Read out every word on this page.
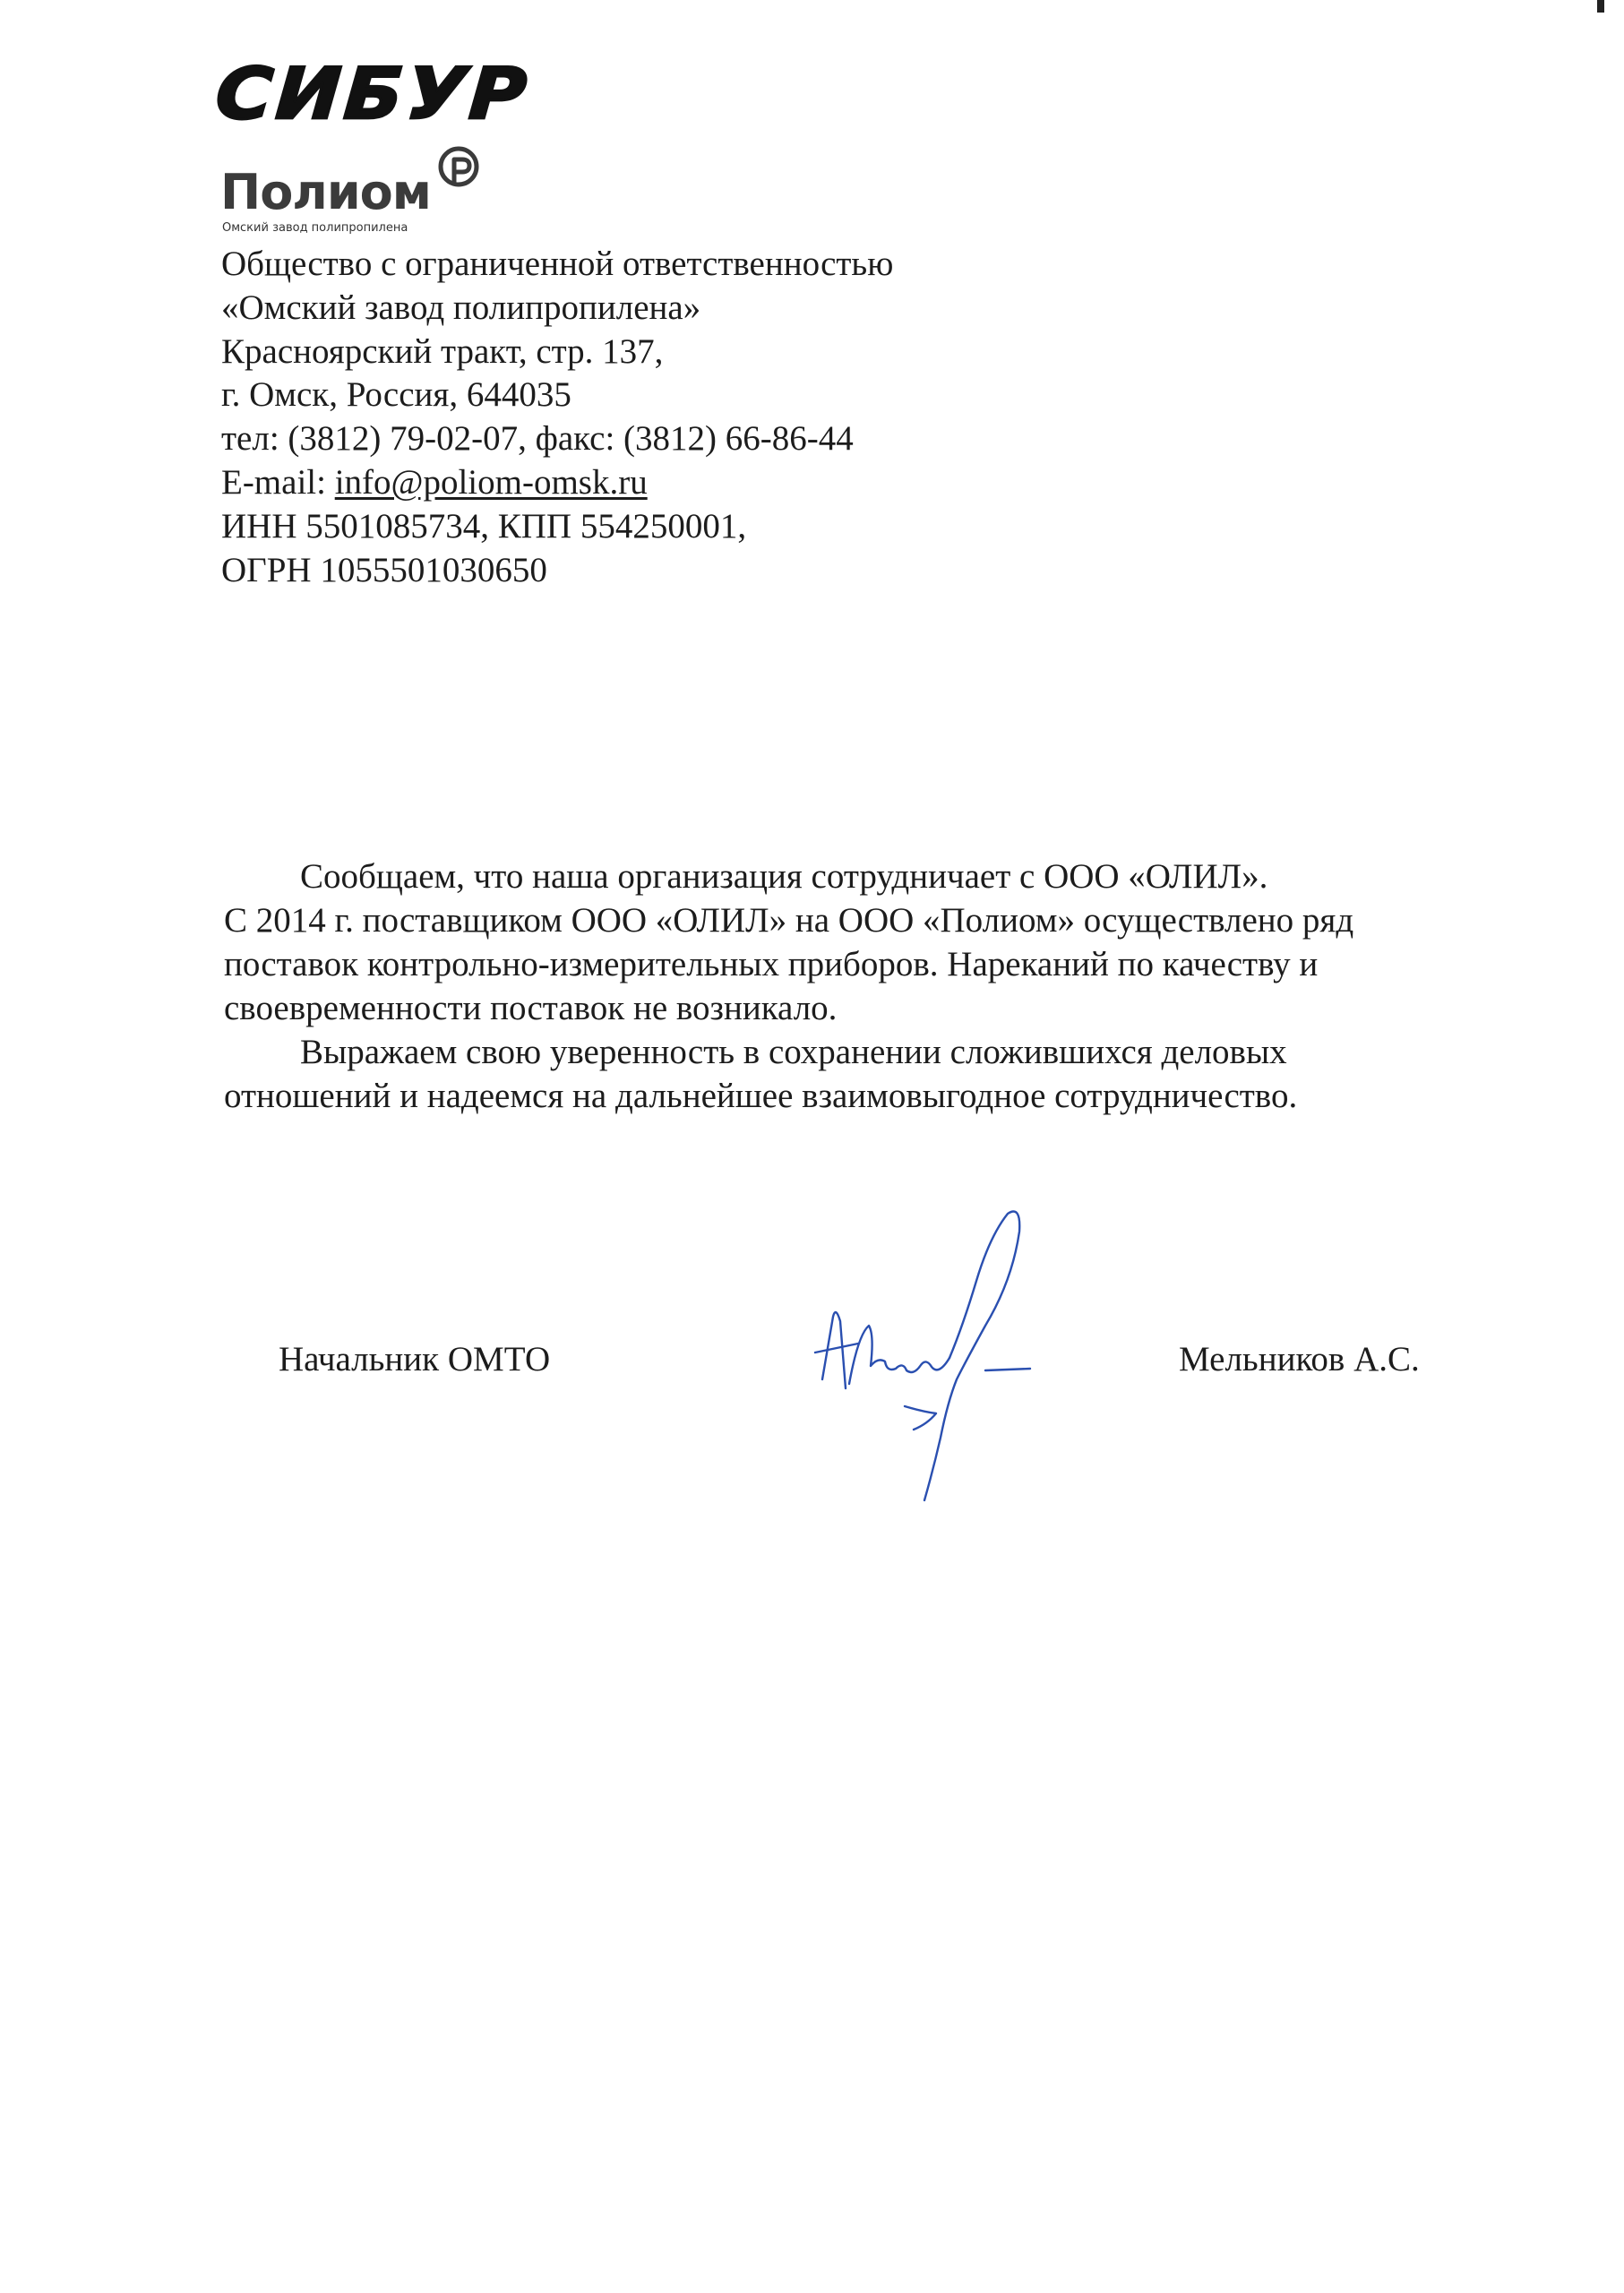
СИБУР
Полиом
Омский завод полипропилена
Общество с ограниченной ответственностью
«Омский завод полипропилена»
Красноярский тракт, стр. 137,
г. Омск, Россия, 644035
тел: (3812) 79-02-07, факс: (3812) 66-86-44
E-mail: info@poliom-omsk.ru
ИНН 5501085734, КПП 554250001,
ОГРН 1055501030650
Сообщаем, что наша организация сотрудничает с ООО «ОЛИЛ».
С 2014 г. поставщиком ООО «ОЛИЛ» на ООО «Полиом» осуществлено ряд
поставок контрольно-измерительных приборов. Нареканий по качеству и
своевременности поставок не возникало.
Выражаем свою уверенность в сохранении сложившихся деловых
отношений и надеемся на дальнейшее взаимовыгодное сотрудничество.
Начальник ОМТО	Мельников А.С.
